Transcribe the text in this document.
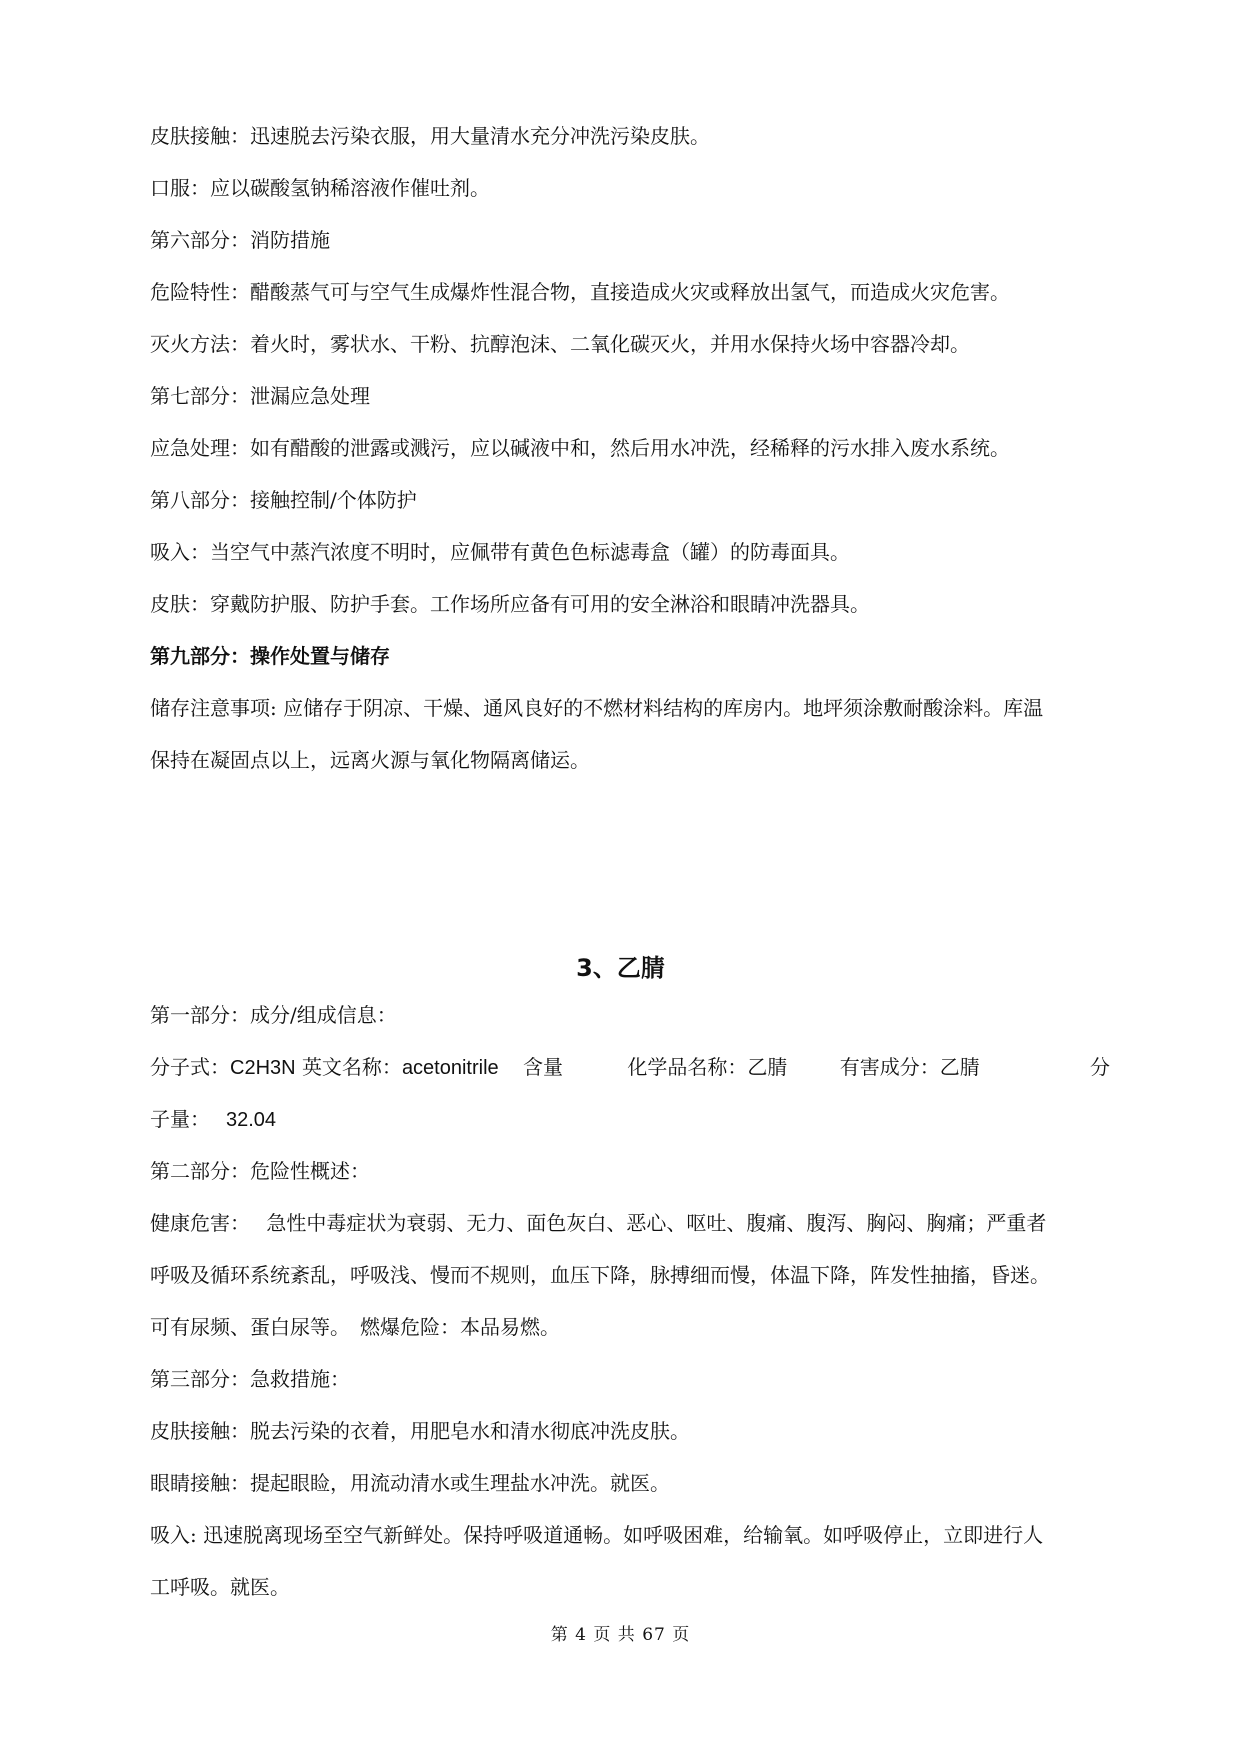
皮肤接触：迅速脱去污染衣服，用大量清水充分冲洗污染皮肤。
口服：应以碳酸氢钠稀溶液作催吐剂。
第六部分：消防措施
危险特性：醋酸蒸气可与空气生成爆炸性混合物，直接造成火灾或释放出氢气，而造成火灾危害。
灭火方法：着火时，雾状水、干粉、抗醇泡沫、二氧化碳灭火，并用水保持火场中容器冷却。
第七部分：泄漏应急处理
应急处理：如有醋酸的泄露或溅污，应以碱液中和，然后用水冲洗，经稀释的污水排入废水系统。
第八部分：接触控制/个体防护
吸入：当空气中蒸汽浓度不明时，应佩带有黄色色标滤毒盒（罐）的防毒面具。
皮肤：穿戴防护服、防护手套。工作场所应备有可用的安全淋浴和眼睛冲洗器具。
第九部分：操作处置与储存
储存注意事项: 应储存于阴凉、干燥、通风良好的不燃材料结构的库房内。地坪须涂敷耐酸涂料。库温
保持在凝固点以上，远离火源与氧化物隔离储运。
3、乙腈
第一部分：成分/组成信息：
分子式：C2H3N 英文名称：acetonitrile 含量	化学品名称：乙腈	有害成分：乙腈	分
子量： 32.04
第二部分：危险性概述：
健康危害：　 急性中毒症状为衰弱、无力、面色灰白、恶心、呕吐、腹痛、腹泻、胸闷、胸痛；严重者
呼吸及循环系统紊乱，呼吸浅、慢而不规则，血压下降，脉搏细而慢，体温下降，阵发性抽搐，昏迷。
可有尿频、蛋白尿等。　燃爆危险：本品易燃。
第三部分：急救措施：
皮肤接触：脱去污染的衣着，用肥皂水和清水彻底冲洗皮肤。
眼睛接触：提起眼睑，用流动清水或生理盐水冲洗。就医。
吸入: 迅速脱离现场至空气新鲜处。保持呼吸道通畅。如呼吸困难，给输氧。如呼吸停止，立即进行人
工呼吸。就医。
第 4 页 共 67 页
